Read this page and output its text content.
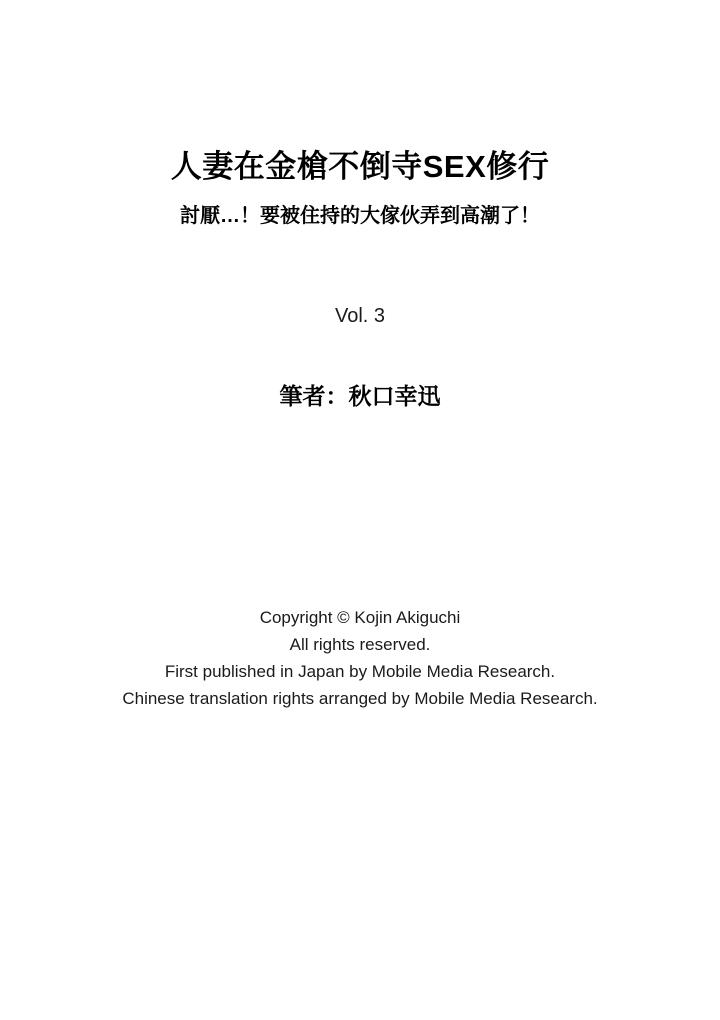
人妻在金槍不倒寺SEX修行
討厭…！要被住持的大傢伙弄到高潮了！
Vol. 3
筆者：秋口幸迅
Copyright © Kojin Akiguchi
All rights reserved.
First published in Japan by Mobile Media Research.
Chinese translation rights arranged by Mobile Media Research.
